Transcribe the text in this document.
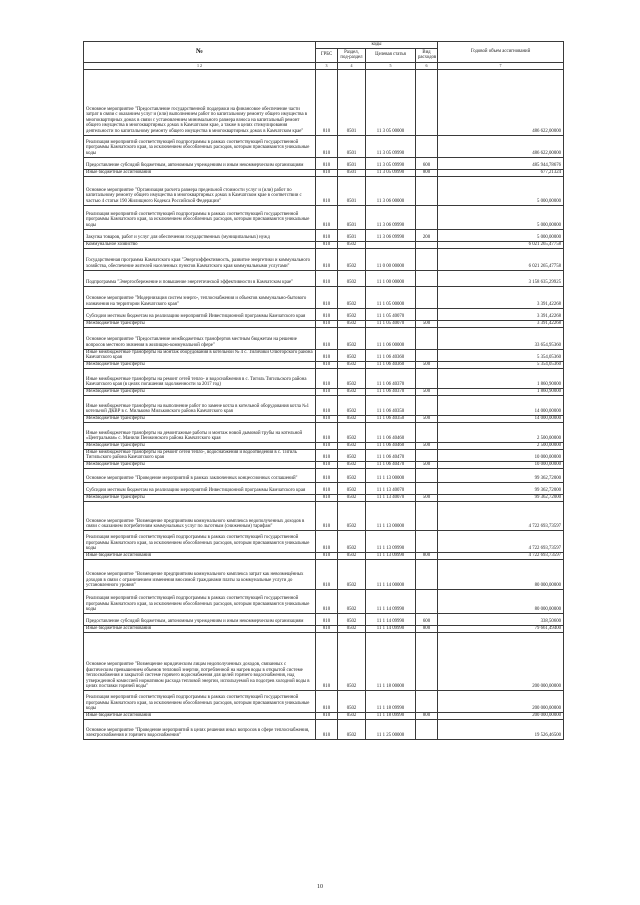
№	коды				Годовой объем ассигнований
	ГРБС	Раздел, под-раздел	Целевая статья	Вид расходов	
1 2	3	4	5	6	7
Основное мероприятие "Предоставление государственной поддержки на финансовое обеспечение части затрат в связи с оказанием услуг и (или) выполнением работ по капитальному ремонту общего имущества в многоквартирных домах в связи с установлением минимального размера взноса на капитальный ремонт общего имущества в многоквартирных домах в Камчатском крае, а также в целях стимулирования деятельности по капитальному ремонту общего имущества в многоквартирных домах в Камчатском крае"	810	0501	11 3 05 00000		486 622,00000
Реализация мероприятий соответствующей подпрограммы в рамках соответствующей государственной программы Камчатского края, за исключением обособленных расходов, которым присваиваются уникальные коды	810	0501	11 3 05 09990		486 622,00000
Предоставление субсидий бюджетным, автономным учреждениям и иным некоммерческим организациям	810	0501	11 3 05 09990	600	485 944,78676
Иные бюджетные ассигнования	810	0501	11 3 05 09990	800	677,21324
Основное мероприятие "Организация расчета размера предельной стоимости услуг и (или) работ по капитальному ремонту общего имущества в многоквартирных домах в Камчатском крае в соответствии с частью 4 статьи 190 Жилищного Кодекса Российской Федерации"	810	0501	11 3 06 00000		5 000,00000
Реализация мероприятий соответствующей подпрограммы в рамках соответствующей государственной программы Камчатского края, за исключением обособленных расходов, которым присваиваются уникальные коды	810	0501	11 3 06 09990		5 000,00000
Закупка товаров, работ и услуг для обеспечения государственных (муниципальных) нужд	810	0501	11 3 06 09990	200	5 000,00000
Коммунальное хозяйство	810	0502			6 021 265,47758
Государственная программа Камчатского края "Энергоэффективность, развитие энергетики и коммунального хозяйства, обеспечение жителей населенных пунктов Камчатского края коммунальными услугами"	810	0502	11 0 00 00000		6 021 265,47758
Подпрограмма "Энергосбережение и повышение энергетической эффективности в Камчатском крае"	810	0502	11 1 00 00000		3 158 635,29925
Основное мероприятие "Модернизация систем энерго-, теплоснабжения и объектов коммунально-бытового назначения на территории Камчатского края"	810	0502	11 1 05 00000		3 391,42268
Субсидии местным бюджетам на реализацию мероприятий Инвестиционной программы Камчатского края	810	0502	11 1 05 40070		3 391,42268
Межбюджетные трансферты	810	0502	11 1 05 40070	500	3 391,42268
Основное мероприятие "Предоставление межбюджетных трансфертов местным бюджетам на решение вопросов местного значения в жилищно-коммунальной сфере"	810	0502	11 1 06 00000		33 654,95360
Иные межбюджетные трансферты на монтаж оборудования в котельной № 4 с. Тиличики Олюторского района Камчатского края	810	0502	11 1 06 40360		5 354,05360
Межбюджетные трансферты	810	0502	11 1 06 40360	500	5 354,05360
Иные межбюджетные трансферты на ремонт сетей тепло- и водоснабжения в с. Тигиль Тигильского района Камчатского края (в целях погашения задолженности за 2017 год)	810	0502	11 1 06 40370		1 860,90000
Межбюджетные трансферты	810	0502	11 1 06 40370	500	1 860,90000
Иные межбюджетные трансферты на выполнение работ по замене котла в котельной оборудования котла №1 котельной ДКВР в с. Мильково Мильковского района Камчатского края	810	0502	11 1 06 40350		14 000,00000
Межбюджетные трансферты	810	0502	11 1 06 40350	500	14 000,00000
Иные межбюджетные трансферты на демонтажные работы и монтаж новой дымовой трубы на котельной «Центральная» с. Манили Пенжинского района Камчатского края	810	0502	11 1 06 40460		2 500,00000
Межбюджетные трансферты	810	0502	11 1 06 40460	500	2 500,00000
Иные межбюджетные трансферты на ремонт сетей тепло-, водоснабжения и водоотведения в с. Тигиль Тигильского района Камчатского края	810	0502	11 1 06 40470		10 000,00000
Межбюджетные трансферты	810	0502	11 1 06 40470	500	10 000,00000
Основное мероприятие "Проведение мероприятий в рамках заключенных концессионных соглашений"	810	0502	11 1 13 00000		99 362,72000
Субсидии местным бюджетам на реализацию мероприятий Инвестиционной программы Камчатского края	810	0502	11 1 13 40070		99 362,72000
Межбюджетные трансферты	810	0502	11 1 13 40070	500	99 362,72000
Основное мероприятие "Возмещение предприятиям коммунального комплекса недополученных доходов в связи с оказанием потребителям коммунальных услуг по льготным (сниженным) тарифам"	810	0502	11 1 13 00000		4 722 693,73597
Реализация мероприятий соответствующей подпрограммы в рамках соответствующей государственной программы Камчатского края, за исключением обособленных расходов, которым присваиваются уникальные коды	810	0502	11 1 13 09990		4 722 693,73597
Иные бюджетные ассигнования	810	0502	11 1 13 09990	800	4 722 693,73597
Основное мероприятие "Возмещение предприятиям коммунального комплекса затрат как невозмещённых доходов в связи с ограничением изменения вносимой гражданами платы за коммунальные услуги до установленного уровня"	810	0502	11 1 14 00000		80 000,00000
Реализация мероприятий соответствующей подпрограммы в рамках соответствующей государственной программы Камчатского края, за исключением обособленных расходов, которым присваиваются уникальные коды	810	0502	11 1 14 09990		80 000,00000
Предоставление субсидий бюджетным, автономным учреждениям и иным некоммерческим организациям	810	0502	11 1 14 09990	600	338,50600
Иные бюджетные ассигнования	810	0502	11 1 14 09990	800	79 661,49400
Основное мероприятие "Возмещение юридическим лицам недополученных доходов, связанных с фактическим превышением объемов тепловой энергии, потребленной на нагрев воды в открытой системе теплоснабжения и закрытой системе горячего водоснабжения для целей горячего водоснабжения, над утвержденной комиссией нормативом расхода тепловой энергии, используемой на подогрев холодной воды в целях поставки горячей воды"	810	0502	11 1 18 00000		200 000,00000
Реализация мероприятий соответствующей подпрограммы в рамках соответствующей государственной программы Камчатского края, за исключением обособленных расходов, которым присваиваются уникальные коды	810	0502	11 1 18 09990		200 000,00000
Иные бюджетные ассигнования	810	0502	11 1 18 09990	800	200 000,00000
Основное мероприятие "Проведение мероприятий в целях решения иных вопросов в сфере теплоснабжения, электроснабжения и горячего водоснабжения"	810	0502	11 1 25 00000		19 526,46500
10
